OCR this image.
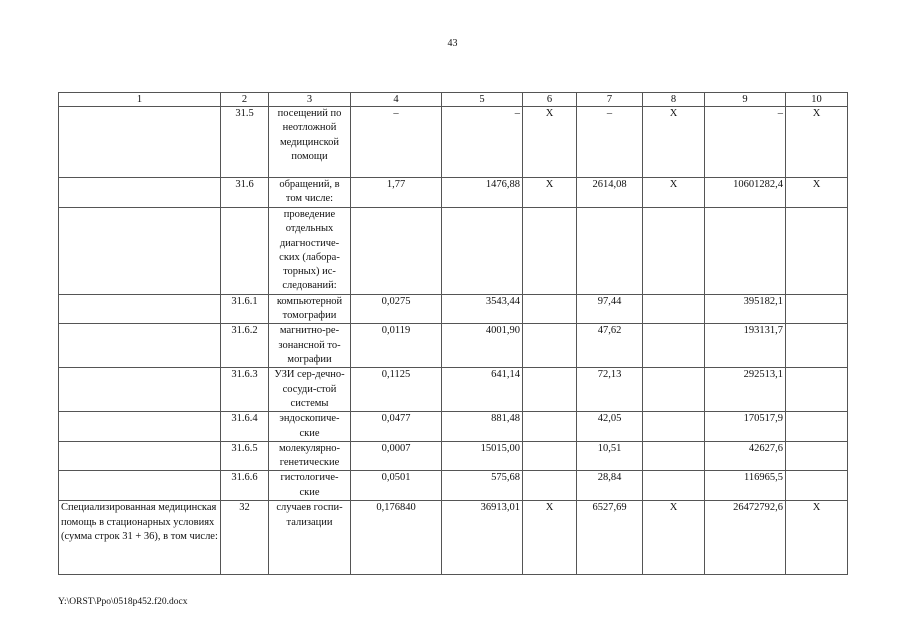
43
1	2	3	4	5	6	7	8	9	10
	31.5	посещений по неотложной медицинской помощи	–	–	Х	–	Х	–	Х
	31.6	обращений, в том числе:	1,77	1476,88	Х	2614,08	Х	10601282,4	Х
		проведение отдельных диагностиче-ских (лабора-торных) ис-следований:							
	31.6.1	компьютерной томографии	0,0275	3543,44		97,44		395182,1	
	31.6.2	магнитно-ре-зонансной то-мографии	0,0119	4001,90		47,62		193131,7	
	31.6.3	УЗИ сер-дечно-сосуди-стой системы	0,1125	641,14		72,13		292513,1	
	31.6.4	эндоскопиче-ские	0,0477	881,48		42,05		170517,9	
	31.6.5	молекулярно-генетические	0,0007	15015,00		10,51		42627,6	
	31.6.6	гистологиче-ские	0,0501	575,68		28,84		116965,5	
Специализированная медицинская помощь в стационарных условиях (сумма строк 31 + 36), в том числе:	32	случаев госпи-тализации	0,176840	36913,01	Х	6527,69	Х	26472792,6	Х
Y:\ORST\Ppo\0518p452.f20.docx
